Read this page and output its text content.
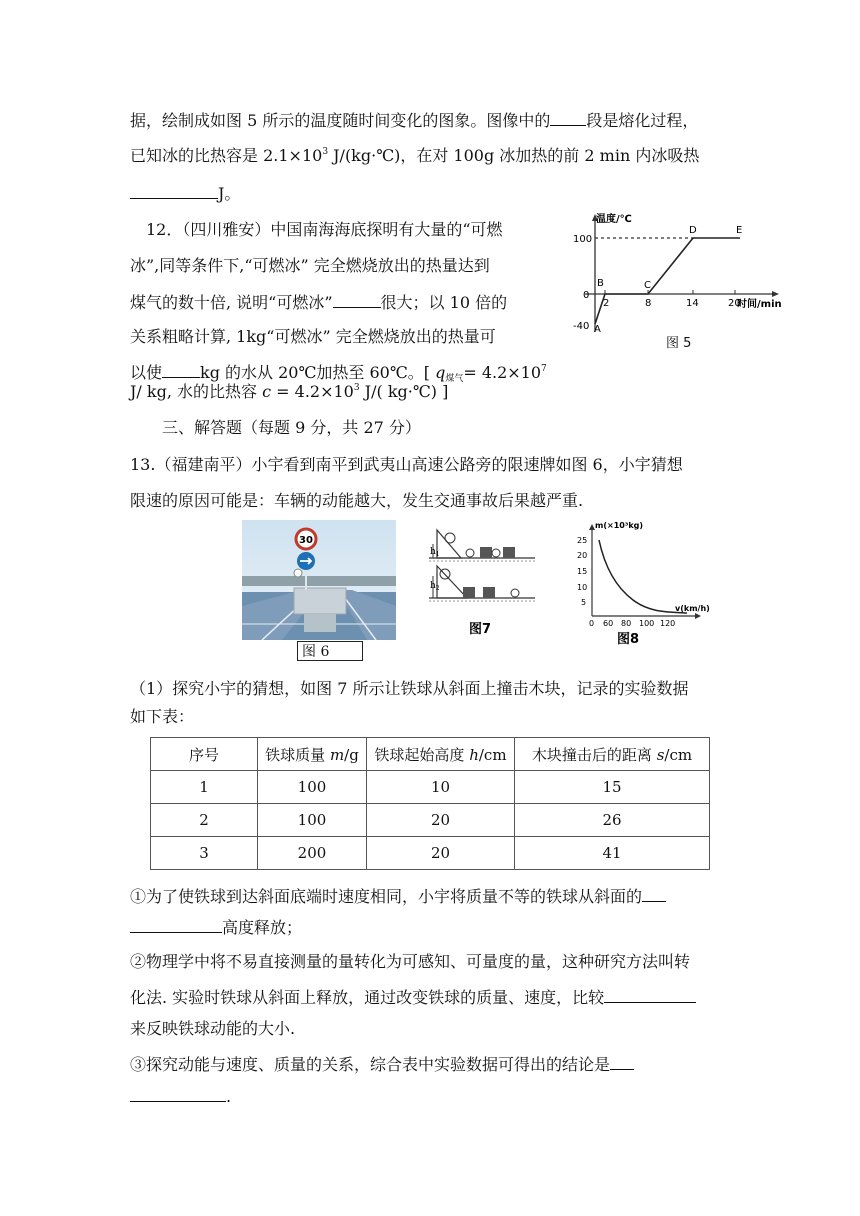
据，绘制成如图 5 所示的温度随时间变化的图象。图像中的 段是熔化过程，
已知冰的比热容是 $2.1\times 10^3$ J/(kg·℃)，在对 100g 冰加热的前 2 min 内冰吸热
J。
12．（四川雅安）中国南海海底探明有大量的“可燃
冰”,同等条件下,“可燃冰” 完全燃烧放出的热量达到
煤气的数十倍, 说明“可燃冰”	很大；以 10 倍的
关系粗略计算, 1kg“可燃冰” 完全燃烧放出的热量可
以使 kg 的水从 20℃加热至 60℃。[ $q_{煤气}= 4.2\times 10^7$
J/ kg, 水的比热容 $c = 4.2\times 10^3$ J/( kg·℃) ]
温度/℃
时间/min
100
0
-40
2	8	14	20
A
B	C
D	E
图 5
三、解答题（每题 9 分，共 27 分）
13.（福建南平）小宇看到南平到武夷山高速公路旁的限速牌如图 6，小宇猜想
限速的原因可能是：车辆的动能越大，发生交通事故后果越严重.
30
图 6
$h_1$
$h_2$
图7
m(×10³kg)
v(km/h)
25
20
15
10
5
0 60 80 100 120
图8
（1）探究小宇的猜想，如图 7 所示让铁球从斜面上撞击木块，记录的实验数据
如下表：
序号	铁球质量 m/g	铁球起始高度 h/cm	木块撞击后的距离 s/cm
1	100	10	15
2	100	20	26
3	200	20	41
①为了使铁球到达斜面底端时速度相同，小宇将质量不等的铁球从斜面的
高度释放；
②物理学中将不易直接测量的量转化为可感知、可量度的量，这种研究方法叫转
化法. 实验时铁球从斜面上释放，通过改变铁球的质量、速度，比较
来反映铁球动能的大小.
③探究动能与速度、质量的关系，综合表中实验数据可得出的结论是
.
